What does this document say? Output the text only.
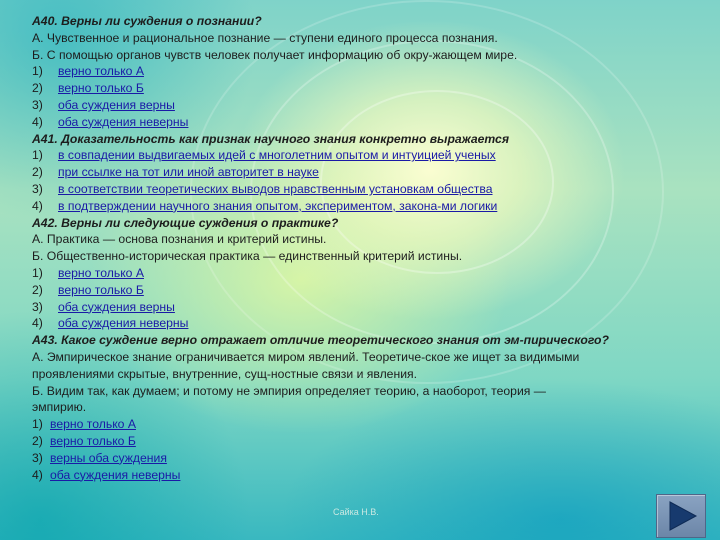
А40. Верны ли суждения о познании?
А. Чувственное и рациональное познание — ступени единого процесса познания.
Б. С помощью органов чувств человек получает информацию об окру-жающем мире.
1) верно только А
2) верно только Б
3) оба суждения верны
4) оба суждения неверны
А41. Доказательность как признак научного знания конкретно выражается
1) в совпадении выдвигаемых идей с многолетним опытом и интуицией ученых
2) при ссылке на тот или иной авторитет в науке
3) в соответствии теоретических выводов нравственным установкам общества
4) в подтверждении научного знания опытом, экспериментом, закона-ми логики
А42. Верны ли следующие суждения о практике?
А. Практика — основа познания и критерий истины.
Б. Общественно-историческая практика — единственный критерий истины.
1) верно только А
2) верно только Б
3) оба суждения верны
4) оба суждения неверны
А43. Какое суждение верно отражает отличие теоретического знания от эм-пирического?
А. Эмпирическое знание ограничивается миром явлений. Теоретиче-ское же ищет за видимыми
проявлениями скрытые, внутренние, сущ-ностные связи и явления.
Б. Видим так, как думаем; и потому не эмпирия определяет теорию, а наоборот, теория —
эмпирию.
1) верно только А
2) верно только Б
3) верны оба суждения
4) оба суждения неверны
Сайка Н.В.
